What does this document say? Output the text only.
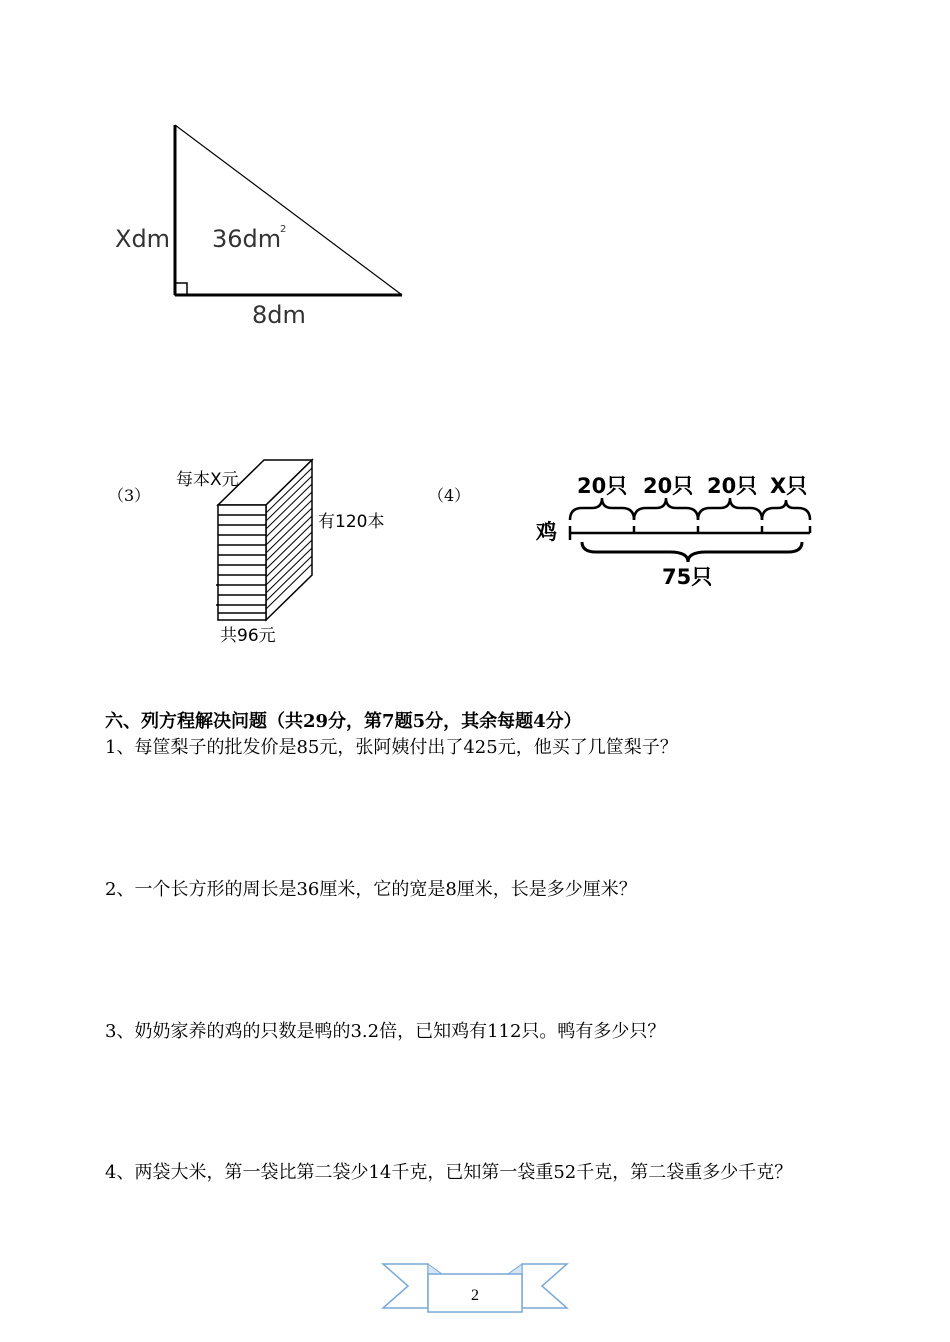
Xdm 36dm
2
8dm
（3）
每本X元
有120本
共96元
（4）	20只 20只 20只 X只
鸡
75只
六、列方程解决问题（共29分，第7题5分，其余每题4分）
1、每筐梨子的批发价是85元，张阿姨付出了425元，他买了几筐梨子？
2、一个长方形的周长是36厘米，它的宽是8厘米，长是多少厘米？
3、奶奶家养的鸡的只数是鸭的3.2倍，已知鸡有112只。鸭有多少只？
4、两袋大米，第一袋比第二袋少14千克，已知第一袋重52千克，第二袋重多少千克？
2
